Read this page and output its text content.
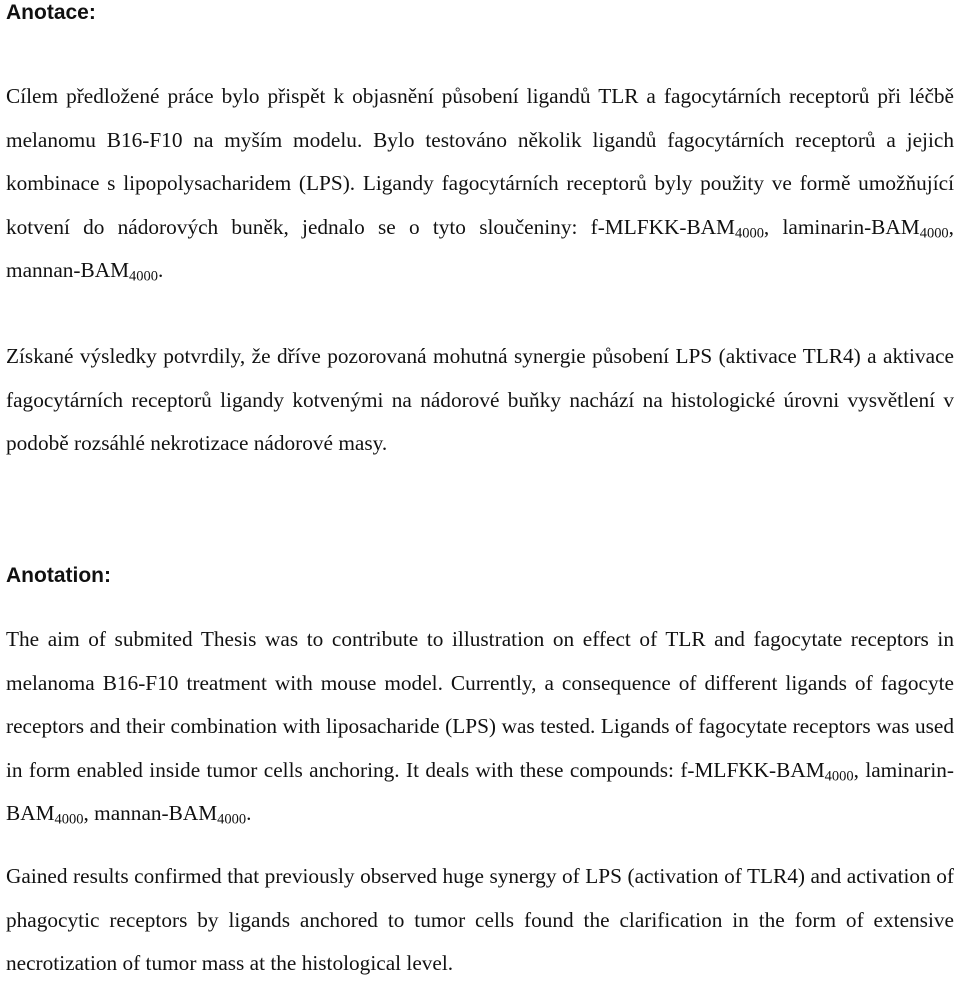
Anotace:

Cílem předložené práce bylo přispět k objasnění působení ligandů TLR a fagocytárních receptorů při léčbě melanomu B16-F10 na myším modelu. Bylo testováno několik ligandů fagocytárních receptorů a jejich kombinace s lipopolysacharidem (LPS). Ligandy fagocytárních receptorů byly použity ve formě umožňující kotvení do nádorových buněk, jednalo se o tyto sloučeniny: $f-MLFKK-BAM_{4000}$, laminarin-$BAM_{4000}$, mannan-$BAM_{4000}$.

Získané výsledky potvrdily, že dříve pozorovaná mohutná synergie působení LPS (aktivace TLR4) a aktivace fagocytárních receptorů ligandy kotvenými na nádorové buňky nachází na histologické úrovni vysvětlení v podobě rozsáhlé nekrotizace nádorové masy.

Anotation:

The aim of submited Thesis was to contribute to illustration on effect of TLR and fagocytate receptors in melanoma B16-F10 treatment with mouse model. Currently, a consequence of different ligands of fagocyte receptors and their combination with liposacharide (LPS) was tested. Ligands of fagocytate receptors was used in form enabled inside tumor cells anchoring. It deals with these compounds: $f-MLFKK-BAM_{4000}$, laminarin-$BAM_{4000}$, mannan-$BAM_{4000}$.

Gained results confirmed that previously observed huge synergy of LPS (activation of TLR4) and activation of phagocytic receptors by ligands anchored to tumor cells found the clarification in the form of extensive necrotization of tumor mass at the histological level.
